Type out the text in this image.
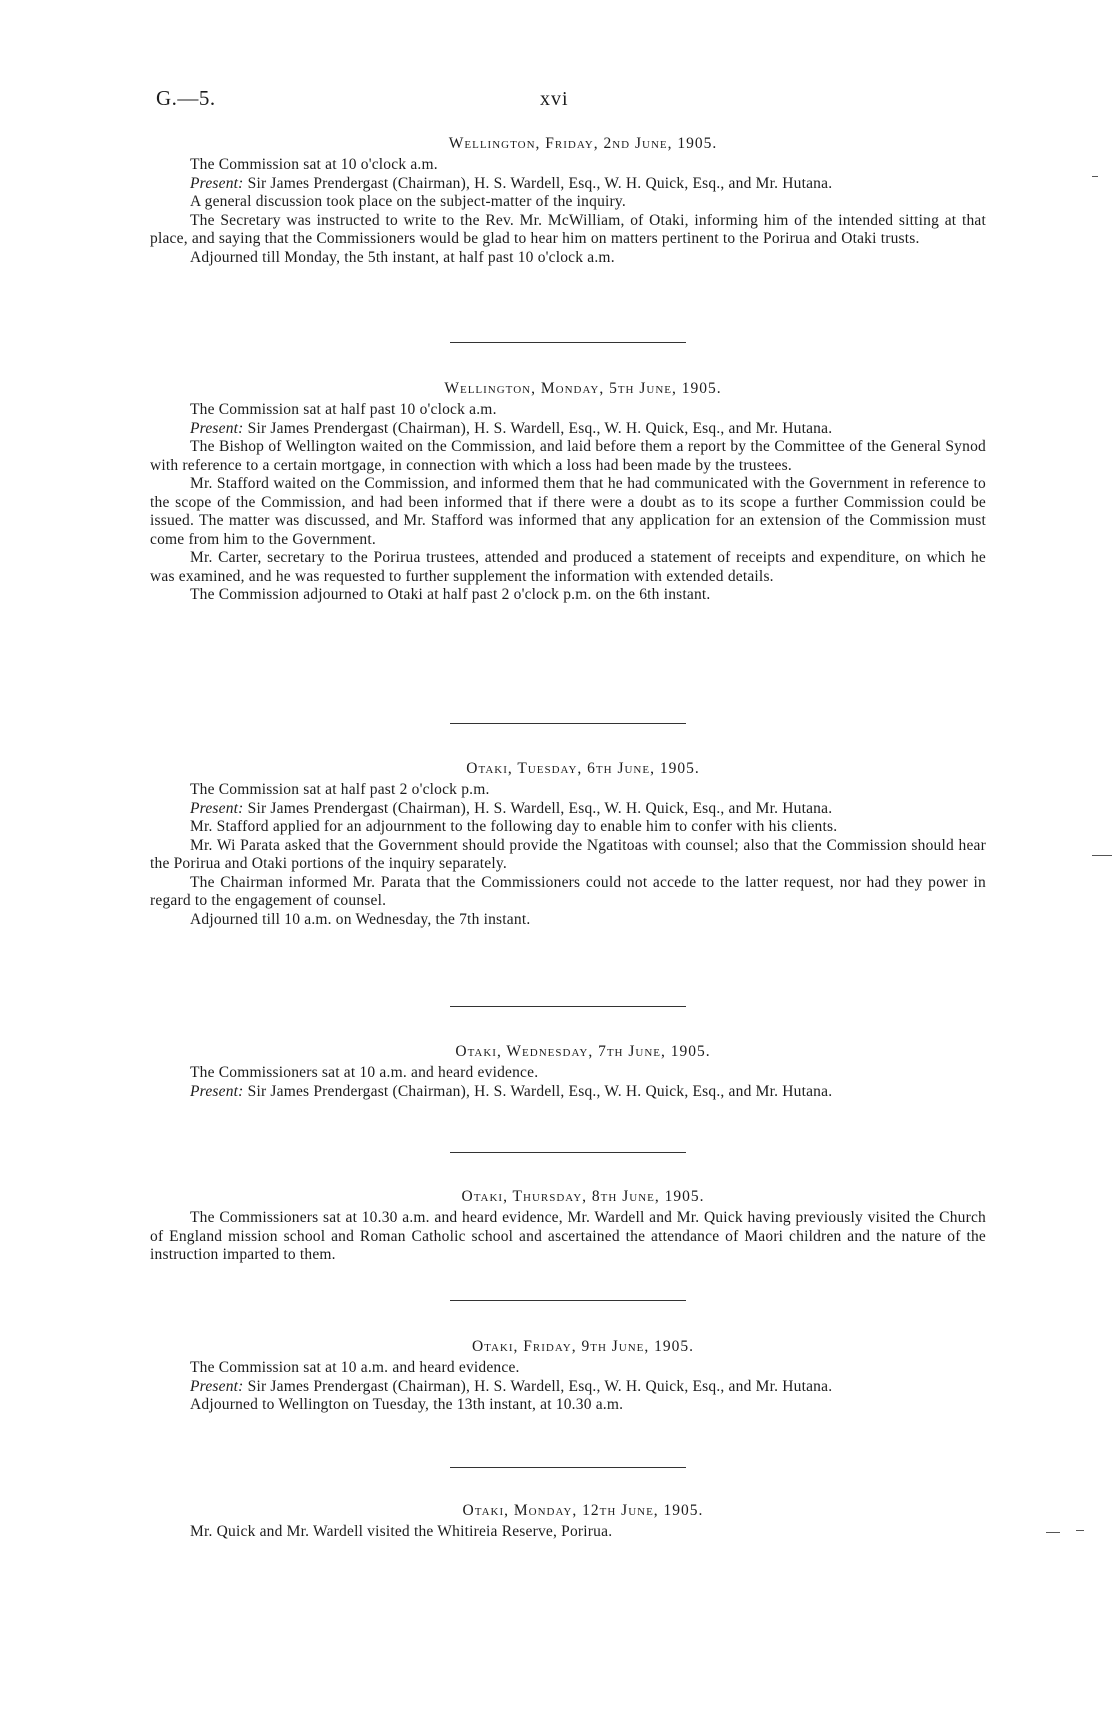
G.—5.	xvi
Wellington, Friday, 2nd June, 1905.

The Commission sat at 10 o'clock a.m.

Present: Sir James Prendergast (Chairman), H. S. Wardell, Esq., W. H. Quick, Esq., and Mr. Hutana.

A general discussion took place on the subject-matter of the inquiry.

The Secretary was instructed to write to the Rev. Mr. McWilliam, of Otaki, informing him of the intended sitting at that place, and saying that the Commissioners would be glad to hear him on matters pertinent to the Porirua and Otaki trusts.

Adjourned till Monday, the 5th instant, at half past 10 o'clock a.m.

Wellington, Monday, 5th June, 1905.

The Commission sat at half past 10 o'clock a.m.

Present: Sir James Prendergast (Chairman), H. S. Wardell, Esq., W. H. Quick, Esq., and Mr. Hutana.

The Bishop of Wellington waited on the Commission, and laid before them a report by the Committee of the General Synod with reference to a certain mortgage, in connection with which a loss had been made by the trustees.

Mr. Stafford waited on the Commission, and informed them that he had communicated with the Government in reference to the scope of the Commission, and had been informed that if there were a doubt as to its scope a further Commission could be issued. The matter was discussed, and Mr. Stafford was informed that any application for an extension of the Commission must come from him to the Government.

Mr. Carter, secretary to the Porirua trustees, attended and produced a statement of receipts and expenditure, on which he was examined, and he was requested to further supplement the information with extended details.

The Commission adjourned to Otaki at half past 2 o'clock p.m. on the 6th instant.

Otaki, Tuesday, 6th June, 1905.

The Commission sat at half past 2 o'clock p.m.

Present: Sir James Prendergast (Chairman), H. S. Wardell, Esq., W. H. Quick, Esq., and Mr. Hutana.

Mr. Stafford applied for an adjournment to the following day to enable him to confer with his clients.

Mr. Wi Parata asked that the Government should provide the Ngatitoas with counsel; also that the Commission should hear the Porirua and Otaki portions of the inquiry separately.

The Chairman informed Mr. Parata that the Commissioners could not accede to the latter request, nor had they power in regard to the engagement of counsel.

Adjourned till 10 a.m. on Wednesday, the 7th instant.

Otaki, Wednesday, 7th June, 1905.

The Commissioners sat at 10 a.m. and heard evidence.

Present: Sir James Prendergast (Chairman), H. S. Wardell, Esq., W. H. Quick, Esq., and Mr. Hutana.

Otaki, Thursday, 8th June, 1905.

The Commissioners sat at 10.30 a.m. and heard evidence, Mr. Wardell and Mr. Quick having previously visited the Church of England mission school and Roman Catholic school and ascertained the attendance of Maori children and the nature of the instruction imparted to them.

Otaki, Friday, 9th June, 1905.

The Commission sat at 10 a.m. and heard evidence.

Present: Sir James Prendergast (Chairman), H. S. Wardell, Esq., W. H. Quick, Esq., and Mr. Hutana.

Adjourned to Wellington on Tuesday, the 13th instant, at 10.30 a.m.

Otaki, Monday, 12th June, 1905.

Mr. Quick and Mr. Wardell visited the Whitireia Reserve, Porirua.
